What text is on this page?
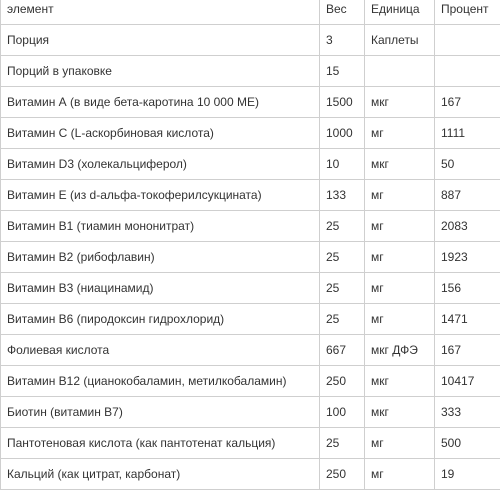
элемент	Вес	Единица	Процент
Порция	3	Каплеты	
Порций в упаковке	15		
Витамин А (в виде бета-каротина 10 000 МЕ)	1500	мкг	167
Витамин C (L-аскорбиновая кислота)	1000	мг	1111
Витамин D3 (холекальциферол)	10	мкг	50
Витамин Е (из d-альфа-токоферилсукцината)	133	мг	887
Витамин B1 (тиамин мононитрат)	25	мг	2083
Витамин В2 (рибофлавин)	25	мг	1923
Витамин В3 (ниацинамид)	25	мг	156
Витамин В6 (пиродоксин гидрохлорид)	25	мг	1471
Фолиевая кислота	667	мкг ДФЭ	167
Витамин В12 (цианокобаламин, метилкобаламин)	250	мкг	10417
Биотин (витамин В7)	100	мкг	333
Пантотеновая кислота (как пантотенат кальция)	25	мг	500
Кальций (как цитрат, карбонат)	250	мг	19
